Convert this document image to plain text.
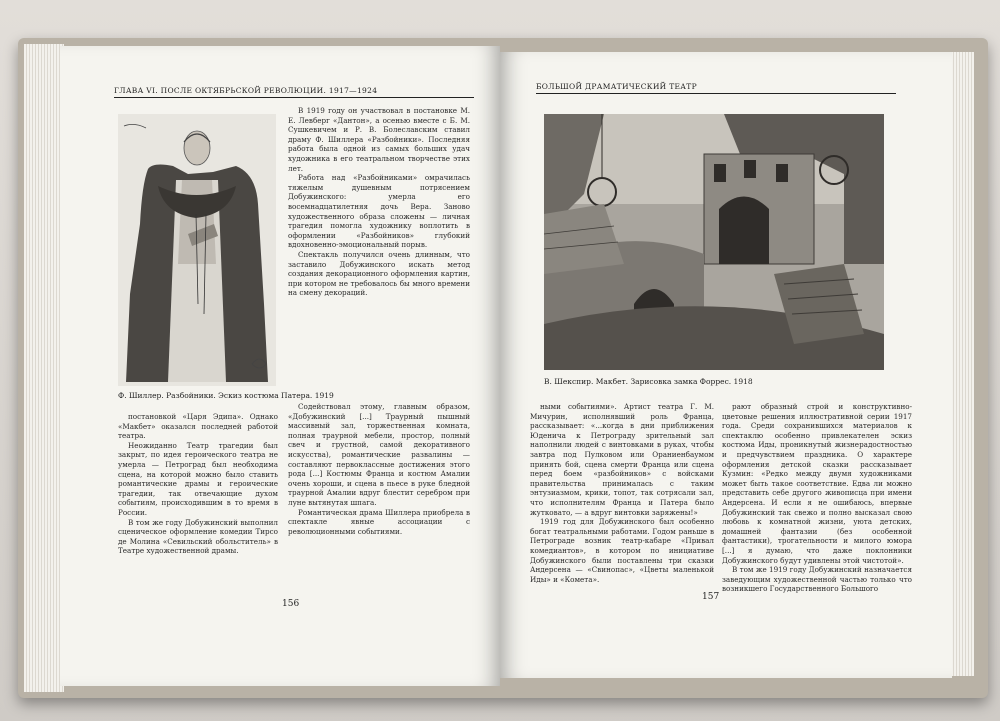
ГЛАВА VI. ПОСЛЕ ОКТЯБРЬСКОЙ РЕВОЛЮЦИИ. 1917—1924
Ф. Шиллер. Разбойники. Эскиз костюма Патера. 1919

В 1919 году он участвовал в постановке М. Е. Левберг «Дантон», а осенью вместе с Б. М. Сушкевичем и Р. В. Болеславским ставил драму Ф. Шиллера «Разбойники». Последняя работа была одной из самых больших удач художника в его театральном творчестве этих лет.

Работа над «Разбойниками» омрачилась тяжелым душевным потрясением Добужинского: умерла его восемнадцатилетняя дочь Вера. Заново художественного образа сложены — личная трагедия помогла художнику воплотить в оформлении «Разбойников» глубокий вдохновенно-эмоциональный порыв.

Спектакль получился очень длинным, что заставило Добужинского искать метод создания декорационного оформления картин, при котором не требовалось бы много времени на смену декораций.

постановкой «Царя Эдипа». Однако «Макбет» оказался последней работой театра.

Неожиданно Театр трагедии был закрыт, по идея героического театра не умерла — Петроград был необходима сцена, на которой можно было ставить романтические драмы и героические трагедии, так отвечающие духом событиям, происходившим в то время в России.

В том же году Добужинский выполнил сценическое оформление комедии Тирсо де Молина «Севильский обольститель» в Театре художественной драмы.

Содействовал этому, главным образом, «Добужинский [...] Траурный пышный массивный зал, торжественная комната, полная траурной мебели, простор, полный свеч и грустной, самой декоративного искусства), романтические развалины — составляют первоклассные достижения этого рода [...] Костюмы Франца и костюм Амалии очень хороши, и сцена в пьесе в руке бледной траурной Амалии вдруг блестит серебром при луне вытянутая шпага.

Романтическая драма Шиллера приобрела в спектакле явные ассоциации с революционными событиями.

156
БОЛЬШОЙ ДРАМАТИЧЕСКИЙ ТЕАТР
В. Шекспир. Макбет. Зарисовка замка Форрес. 1918

ными событиями». Артист театра Г. М. Мичурин, исполнявший роль Франца, рассказывает: «...когда в дни приближения Юденича к Петрограду зрительный зал наполнили людей с винтовками в руках, чтобы завтра под Пулковом или Ораниенбаумом принять бой, сцена смерти Франца или сцена перед боем «разбойников» с войсками правительства принималась с таким энтузиазмом, крики, топот, так сотрясали зал, что исполнителям Франца и Патера было жутковато, — а вдруг винтовки заряжены!»

1919 год для Добужинского был особенно богат театральными работами. Годом раньше в Петрограде возник театр-кабаре «Привал комедиантов», в котором по инициативе Добужинского были поставлены три сказки Андерсена — «Свинопас», «Цветы маленькой Иды» и «Комета».

рают образный строй и конструктивно-цветовые решения иллюстративной серии 1917 года. Среди сохранившихся материалов к спектаклю особенно привлекателен эскиз костюма Иды, проникнутый жизнерадостностью и предчувствием праздника. О характере оформления детской сказки рассказывает Кузмин: «Редко между двумя художниками может быть такое соответствие. Едва ли можно представить себе другого живописца при имени Андерсена. И если я не ошибаюсь, впервые Добужинский так свежо и полно высказал свою любовь к комнатной жизни, уюта детских, домашней фантазии (без особенной фантастики), трогательности и милого юмора [...] я думаю, что даже поклонники Добужинского будут удивлены этой чистотой».

В том же 1919 году Добужинский назначается заведующим художественной частью только что возникшего Государственного Большого

157
